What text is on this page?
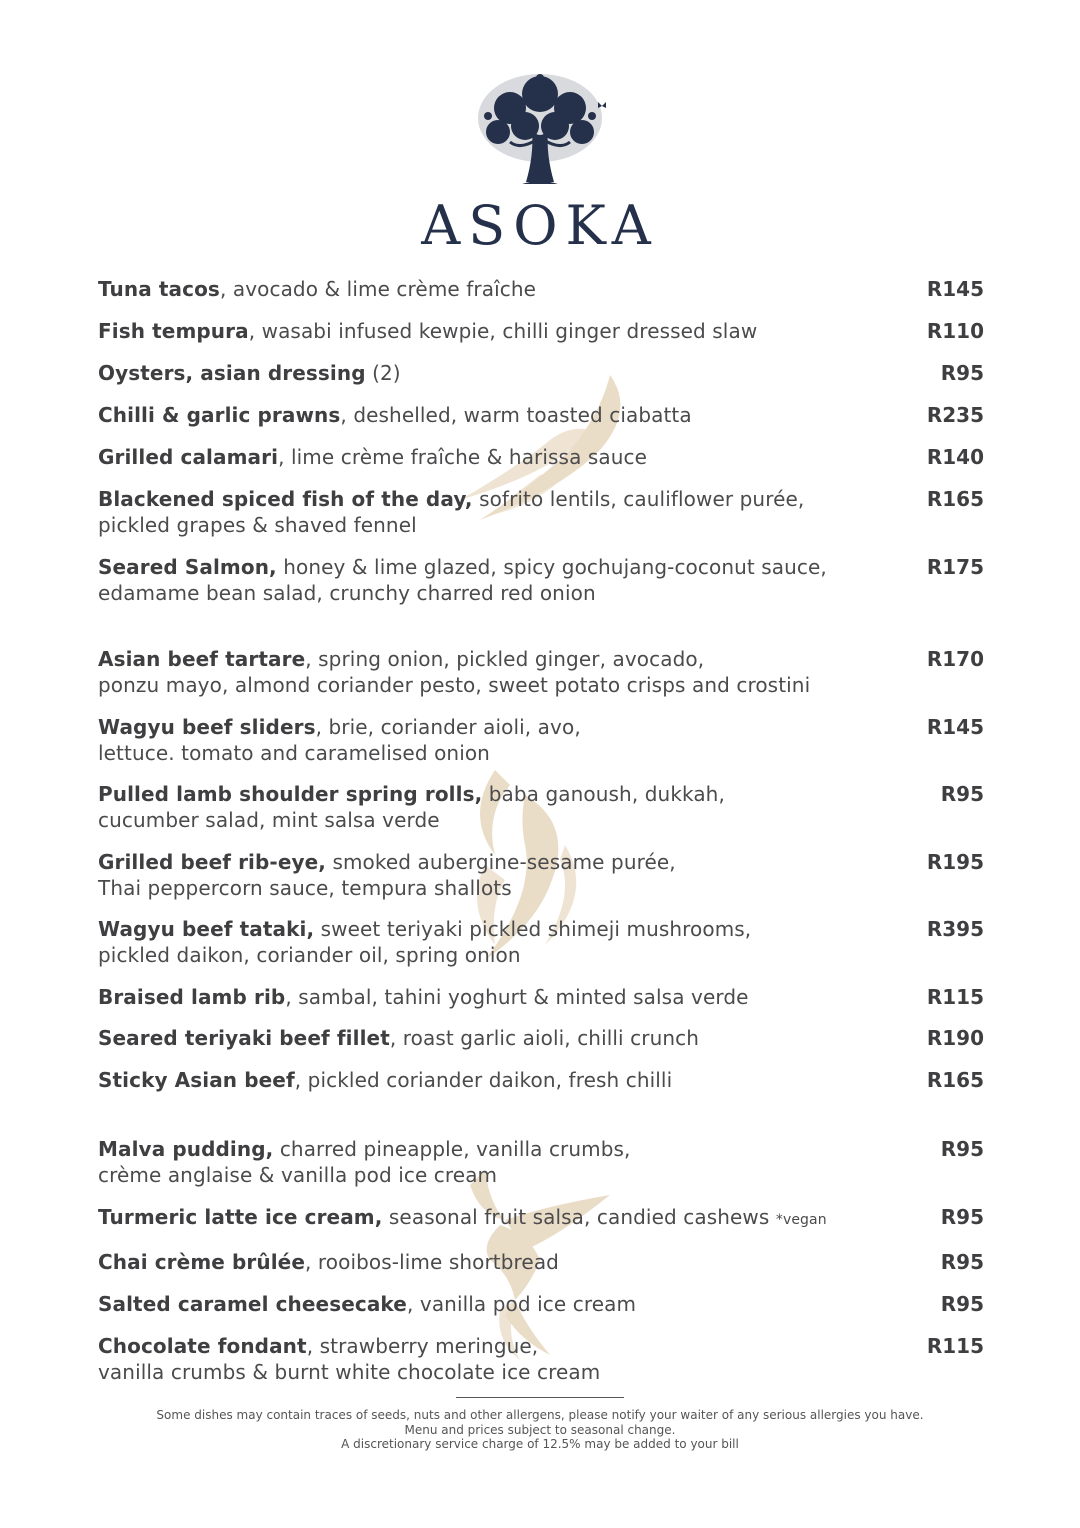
ASOKA
Tuna tacos, avocado & lime crème fraîche	R145
Fish tempura, wasabi infused kewpie, chilli ginger dressed slaw	R110
Oysters, asian dressing (2)	R95
Chilli & garlic prawns, deshelled, warm toasted ciabatta	R235
Grilled calamari, lime crème fraîche & harissa sauce	R140
Blackened spiced fish of the day, sofrito lentils, cauliflower purée,
pickled grapes & shaved fennel
R165
Seared Salmon, honey & lime glazed, spicy gochujang-coconut sauce,
edamame bean salad, crunchy charred red onion
R175
Asian beef tartare, spring onion, pickled ginger, avocado,
ponzu mayo, almond coriander pesto, sweet potato crisps and crostini
R170
Wagyu beef sliders, brie, coriander aioli, avo,
lettuce. tomato and caramelised onion
R145
Pulled lamb shoulder spring rolls, baba ganoush, dukkah,
cucumber salad, mint salsa verde
R95
Grilled beef rib-eye, smoked aubergine-sesame purée,
Thai peppercorn sauce, tempura shallots
R195
Wagyu beef tataki, sweet teriyaki pickled shimeji mushrooms,
pickled daikon, coriander oil, spring onion
R395
Braised lamb rib, sambal, tahini yoghurt & minted salsa verde	R115
Seared teriyaki beef fillet, roast garlic aioli, chilli crunch	R190
Sticky Asian beef, pickled coriander daikon, fresh chilli	R165
Malva pudding, charred pineapple, vanilla crumbs,
crème anglaise & vanilla pod ice cream
R95
Turmeric latte ice cream, seasonal fruit salsa, candied cashews *vegan	R95
Chai crème brûlée, rooibos-lime shortbread	R95
Salted caramel cheesecake, vanilla pod ice cream	R95
Chocolate fondant, strawberry meringue,
vanilla crumbs & burnt white chocolate ice cream
R115
Some dishes may contain traces of seeds, nuts and other allergens, please notify your waiter of any serious allergies you have.
Menu and prices subject to seasonal change.
A discretionary service charge of 12.5% may be added to your bill
